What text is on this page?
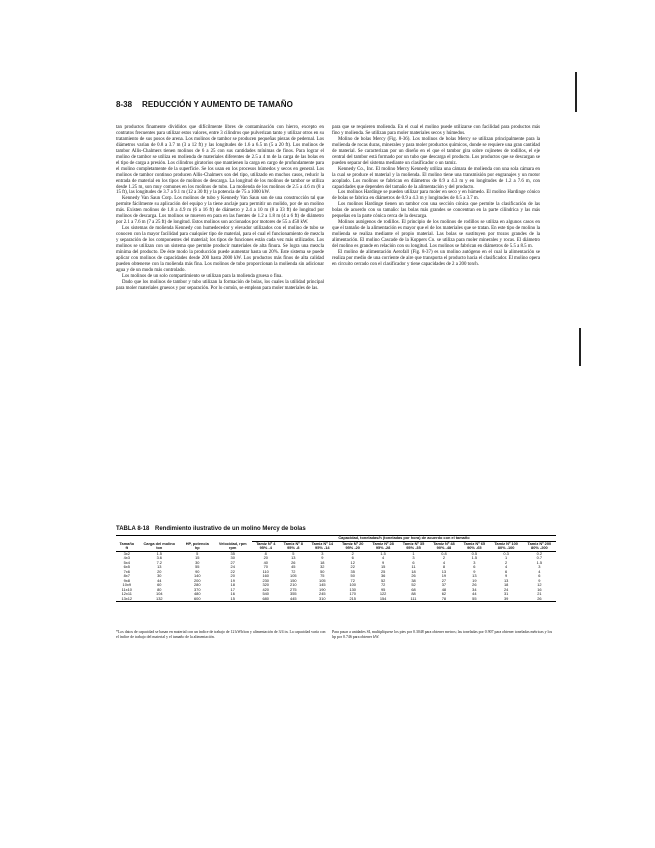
8-38 REDUCCIÓN Y AUMENTO DE TAMAÑO

tan productos finamente divididos que difícilmente libres de contaminación con hierro, excepto en contratos frecuentes para utilizar estos valores, entre 3 cilindros que pulverizan tanto y utilizar otros en su tratamiento de sus posos de arena. Los molinos de tambor se producen pequeñas piezas de pedernal. Los diámetros varían de 0.8 a 3.7 m (3 a 12 ft) y las longitudes de 1.6 a 6.5 m (5 a 20 ft). Los molinos de tambor Allis-Chalmers tienen molinos de 6 a 25 con sus cantidades mínimas de finos. Para lograr el molino de tambor se utiliza en molienda de materiales diferentes de 2.5 a 4 m de la carga de las bolas en el tipo de carga a presión. Los cilindros giratorios que mantienen la carga en cargo de profundamente para el molino completamente de la superficie. Se los usan en los procesos húmedos y secos en general. Los molinos de tambor continuo producen Allis-Chalmers son del tipo, utilizado en muchos casos, reducir la entrada de material en los tipos de molinos de descarga. La longitud de los molinos de tambor se utiliza desde 1.25 m, son muy comunes en los molinos de tubo. La molienda de los molinos de 2.5 a 4.6 m (8 a 15 ft), las longitudes de 3.7 a 9.1 m (12 a 30 ft) y la potencia de 75 a 1000 kW.

Kennedy Van Saun Corp. Los molinos de tubo y Kennedy Van Saun son de una construcción tal que permite fácilmente su aplicación del equipo y la tiene anclaje para permitir un molido, por de un molino más. Existen molinos de 1.8 a 4.9 m (6 a 16 ft) de diámetro y 2.4 a 10 m (8 a 33 ft) de longitud por molinos de descarga. Los molinos se mueven en para en las fuentes de 1.2 a 1.8 m (4 a 6 ft) de diámetro por 2.1 a 7.6 m (7 a 25 ft) de longitud. Estos molinos son accionados por motores de 55 a 450 kW.

Los sistemas de molienda Kennedy con humedecedor y elevador utilizados con el molino de tubo se conocen con la mayor facilidad para cualquier tipo de material, para el cual el funcionamiento de mezcla y separación de los componentes del material; los tipos de funciones están cada vez más utilizados. Los molinos se utilizan con un sistema que permite producir materiales de alta finura. Se logra una mezcla mínima del producto. De éste modo la producción puede aumentar hasta un 20%. Este sistema se puede aplicar con molinos de capacidades desde 200 hasta 2000 kW. Los productos más finos de alta calidad pueden obtenerse con la molienda más fina. Los molinos de tubo proporcionan la molienda sin adicionar agua y de un modo más controlado.

Los molinos de un solo compartimiento se utilizan para la molienda gruesa o fina.

Dado que los molinos de tambor y tubo utilizan la formación de bolas, los cuales la utilidad principal para moler materiales gruesos y por separación. Por lo común, se emplean para moler materiales de las.

para que se requieren molienda. En el cual el molino puede utilizarse con facilidad para productos más fino y molienda. Se utilizan para moler materiales secos y húmedos.

Molino de bolas Mercy (Fig. 8-36). Los molinos de bolas Mercy se utilizan principalmente para la molienda de rocas duras, minerales y para moler productos químicos, donde se requiere una gran cantidad de material. Se caracterizan por un diseño en el que el tambor gira sobre cojinetes de rodillos, el eje central del tambor está formado por un tubo que descarga el producto. Los productos que se descargan se pueden separar del sistema mediante un clasificador o un tamiz.

Kennedy Co., Inc. El molino Mercy Kennedy utiliza una cámara de molienda con una sola cámara en la cual se produce el material y la molienda. El molino tiene una transmisión por engranajes y un motor acoplado. Los molinos se fabrican en diámetros de 0.9 a 4.3 m y en longitudes de 1.2 a 7.6 m, con capacidades que dependen del tamaño de la alimentación y del producto.

Los molinos Hardinge se pueden utilizar para moler en seco y en húmedo. El molino Hardinge cónico de bolas se fabrica en diámetros de 0.9 a 4.3 m y longitudes de 0.5 a 3.7 m.

Los molinos Hardinge tienen un tambor con una sección cónica que permite la clasificación de las bolas de acuerdo con su tamaño: las bolas más grandes se concentran en la parte cilíndrica y las más pequeñas en la parte cónica cerca de la descarga.

Molinos autógenos de rodillos. El principio de los molinos de rodillos se utiliza en algunos casos en que el tamaño de la alimentación es mayor que el de los materiales que se tratan. En este tipo de molino la molienda se realiza mediante el propio material. Las bolas se sustituyen por trozos grandes de la alimentación. El molino Cascade de la Koppers Co. se utiliza para moler minerales y rocas. El diámetro del molino es grande en relación con su longitud. Los molinos se fabrican en diámetros de 5.5 a 8.5 m.

El molino de alimentación Aerofall (Fig. 8-37) es un molino autógeno en el cual la alimentación se realiza por medio de una corriente de aire que transporta el producto hacia el clasificador. El molino opera en circuito cerrado con el clasificador y tiene capacidades de 2 a 200 ton/h.

TABLA 8-18 Rendimiento ilustrativo de un molino Mercy de bolas
				Capacidad, toneladas/h (toneladas por hora) de acuerdo con el tamaño									
Tamaño	Carga del molino	HP, potencia	Velocidad, rpm	Tamiz Nº 4	Tamiz Nº 8	Tamiz Nº 14	Tamiz Nº 20	Tamiz Nº 28	Tamiz Nº 35	Tamiz Nº 48	Tamiz Nº 65	Tamiz Nº 100	Tamiz Nº 200
ft	ton	hp	rpm	95% -4	95% -8	95% -14	95% -20	95% -28	95% -35	90% -48	90% -65	80% -100	80% -200
3x2	1.5	5	35	8	5	3	2	1.5	1	0.8	0.5	0.3	0.2
4x3	3.6	15	30	20	13	9	6	4	3	2	1.5	1	0.7
5x4	7.2	30	27	40	26	18	12	9	6	4	3	2	1.5
6x5	13	55	24	70	45	32	22	15	11	8	6	4	3
7x6	20	90	22	110	72	50	35	25	18	13	9	6	4
8x7	30	140	20	160	105	75	50	36	26	19	13	9	6
9x8	44	200	19	230	150	105	72	52	38	27	19	13	9
10x9	60	280	18	320	210	145	100	72	52	37	26	18	12
11x10	80	370	17	420	275	190	130	95	68	48	34	24	16
12x11	104	480	16	540	355	245	170	122	88	62	44	31	21
13x12	132	600	15	680	445	310	215	154	111	78	55	39	26
*Los datos de capacidad se basan en material con un índice de trabajo de 12 kWh/ton y alimentación de 3/4 in. La capacidad varía con el índice de trabajo del material y el tamaño de la alimentación.
Para pasar a unidades SI, multiplíquese los pies por 0.3048 para obtener metros; las toneladas por 0.907 para obtener toneladas métricas y los hp por 0.746 para obtener kW.
